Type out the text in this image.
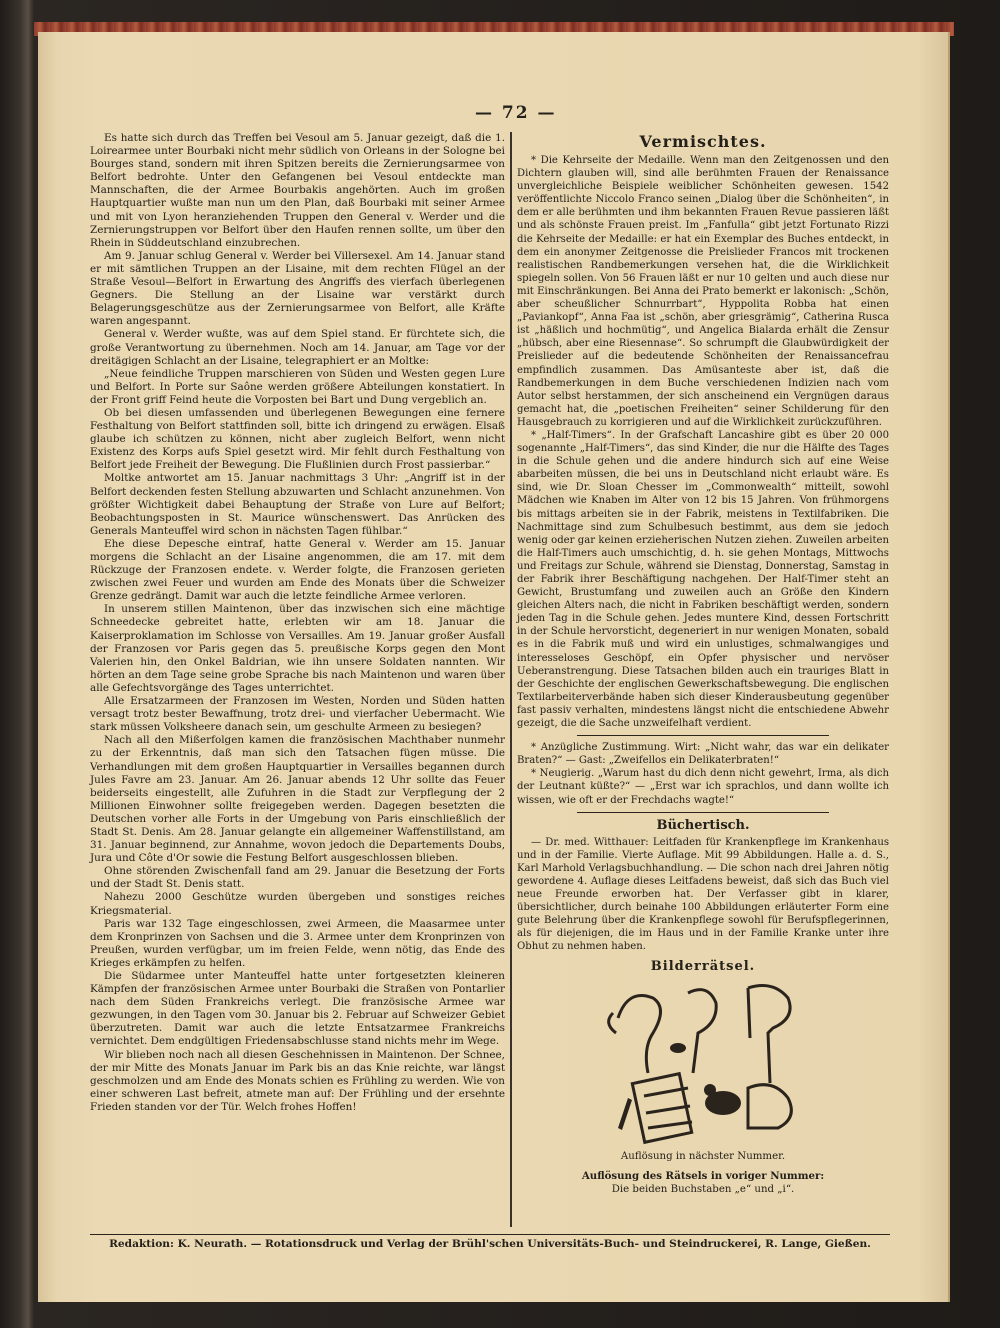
— 72 —

Es hatte sich durch das Treffen bei Vesoul am 5. Januar gezeigt, daß die 1. Loirearmee unter Bourbaki nicht mehr südlich von Orleans in der Sologne bei Bourges stand, sondern mit ihren Spitzen bereits die Zernierungsarmee von Belfort bedrohte. Unter den Gefangenen bei Vesoul entdeckte man Mannschaften, die der Armee Bourbakis angehörten. Auch im großen Hauptquartier wußte man nun um den Plan, daß Bourbaki mit seiner Armee und mit von Lyon heranziehenden Truppen den General v. Werder und die Zernierungstruppen vor Belfort über den Haufen rennen sollte, um über den Rhein in Süddeutschland einzubrechen.

Am 9. Januar schlug General v. Werder bei Villersexel. Am 14. Januar stand er mit sämtlichen Truppen an der Lisaine, mit dem rechten Flügel an der Straße Vesoul—Belfort in Erwartung des Angriffs des vierfach überlegenen Gegners. Die Stellung an der Lisaine war verstärkt durch Belagerungsgeschütze aus der Zernierungsarmee von Belfort, alle Kräfte waren angespannt.

General v. Werder wußte, was auf dem Spiel stand. Er fürchtete sich, die große Verantwortung zu übernehmen. Noch am 14. Januar, am Tage vor der dreitägigen Schlacht an der Lisaine, telegraphiert er an Moltke:

„Neue feindliche Truppen marschieren von Süden und Westen gegen Lure und Belfort. In Porte sur Saône werden größere Abteilungen konstatiert. In der Front griff Feind heute die Vorposten bei Bart und Dung vergeblich an.

Ob bei diesen umfassenden und überlegenen Bewegungen eine fernere Festhaltung von Belfort stattfinden soll, bitte ich dringend zu erwägen. Elsaß glaube ich schützen zu können, nicht aber zugleich Belfort, wenn nicht Existenz des Korps aufs Spiel gesetzt wird. Mir fehlt durch Festhaltung von Belfort jede Freiheit der Bewegung. Die Flußlinien durch Frost passierbar.“

Moltke antwortet am 15. Januar nachmittags 3 Uhr: „Angriff ist in der Belfort deckenden festen Stellung abzuwarten und Schlacht anzunehmen. Von größter Wichtigkeit dabei Behauptung der Straße von Lure auf Belfort; Beobachtungsposten in St. Maurice wünschenswert. Das Anrücken des Generals Manteuffel wird schon in nächsten Tagen fühlbar.“

Ehe diese Depesche eintraf, hatte General v. Werder am 15. Januar morgens die Schlacht an der Lisaine angenommen, die am 17. mit dem Rückzuge der Franzosen endete. v. Werder folgte, die Franzosen gerieten zwischen zwei Feuer und wurden am Ende des Monats über die Schweizer Grenze gedrängt. Damit war auch die letzte feindliche Armee verloren.

In unserem stillen Maintenon, über das inzwischen sich eine mächtige Schneedecke gebreitet hatte, erlebten wir am 18. Januar die Kaiserproklamation im Schlosse von Versailles. Am 19. Januar großer Ausfall der Franzosen vor Paris gegen das 5. preußische Korps gegen den Mont Valerien hin, den Onkel Baldrian, wie ihn unsere Soldaten nannten. Wir hörten an dem Tage seine grobe Sprache bis nach Maintenon und waren über alle Gefechtsvorgänge des Tages unterrichtet.

Alle Ersatzarmeen der Franzosen im Westen, Norden und Süden hatten versagt trotz bester Bewaffnung, trotz drei- und vierfacher Uebermacht. Wie stark müssen Volksheere danach sein, um geschulte Armeen zu besiegen?

Nach all den Mißerfolgen kamen die französischen Machthaber nunmehr zu der Erkenntnis, daß man sich den Tatsachen fügen müsse. Die Verhandlungen mit dem großen Hauptquartier in Versailles begannen durch Jules Favre am 23. Januar. Am 26. Januar abends 12 Uhr sollte das Feuer beiderseits eingestellt, alle Zufuhren in die Stadt zur Verpflegung der 2 Millionen Einwohner sollte freigegeben werden. Dagegen besetzten die Deutschen vorher alle Forts in der Umgebung von Paris einschließlich der Stadt St. Denis. Am 28. Januar gelangte ein allgemeiner Waffenstillstand, am 31. Januar beginnend, zur Annahme, wovon jedoch die Departements Doubs, Jura und Côte d'Or sowie die Festung Belfort ausgeschlossen blieben.

Ohne störenden Zwischenfall fand am 29. Januar die Besetzung der Forts und der Stadt St. Denis statt.

Nahezu 2000 Geschütze wurden übergeben und sonstiges reiches Kriegsmaterial.

Paris war 132 Tage eingeschlossen, zwei Armeen, die Maasarmee unter dem Kronprinzen von Sachsen und die 3. Armee unter dem Kronprinzen von Preußen, wurden verfügbar, um im freien Felde, wenn nötig, das Ende des Krieges erkämpfen zu helfen.

Die Südarmee unter Manteuffel hatte unter fortgesetzten kleineren Kämpfen der französischen Armee unter Bourbaki die Straßen von Pontarlier nach dem Süden Frankreichs verlegt. Die französische Armee war gezwungen, in den Tagen vom 30. Januar bis 2. Februar auf Schweizer Gebiet überzutreten. Damit war auch die letzte Entsatzarmee Frankreichs vernichtet. Dem endgültigen Friedensabschlusse stand nichts mehr im Wege.

Wir blieben noch nach all diesen Geschehnissen in Maintenon. Der Schnee, der mir Mitte des Monats Januar im Park bis an das Knie reichte, war längst geschmolzen und am Ende des Monats schien es Frühling zu werden. Wie von einer schweren Last befreit, atmete man auf: Der Frühling und der ersehnte Frieden standen vor der Tür. Welch frohes Hoffen!

Vermischtes.

* Die Kehrseite der Medaille. Wenn man den Zeitgenossen und den Dichtern glauben will, sind alle berühmten Frauen der Renaissance unvergleichliche Beispiele weiblicher Schönheiten gewesen. 1542 veröffentlichte Niccolo Franco seinen „Dialog über die Schönheiten“, in dem er alle berühmten und ihm bekannten Frauen Revue passieren läßt und als schönste Frauen preist. Im „Fanfulla“ gibt jetzt Fortunato Rizzi die Kehrseite der Medaille: er hat ein Exemplar des Buches entdeckt, in dem ein anonymer Zeitgenosse die Preislieder Francos mit trockenen realistischen Randbemerkungen versehen hat, die die Wirklichkeit spiegeln sollen. Von 56 Frauen läßt er nur 10 gelten und auch diese nur mit Einschränkungen. Bei Anna dei Prato bemerkt er lakonisch: „Schön, aber scheußlicher Schnurrbart“, Hyppolita Robba hat einen „Paviankopf“, Anna Faa ist „schön, aber griesgrämig“, Catherina Rusca ist „häßlich und hochmütig“, und Angelica Bialarda erhält die Zensur „hübsch, aber eine Riesennase“. So schrumpft die Glaubwürdigkeit der Preislieder auf die bedeutende Schönheiten der Renaissancefrau empfindlich zusammen. Das Amüsanteste aber ist, daß die Randbemerkungen in dem Buche verschiedenen Indizien nach vom Autor selbst herstammen, der sich anscheinend ein Vergnügen daraus gemacht hat, die „poetischen Freiheiten“ seiner Schilderung für den Hausgebrauch zu korrigieren und auf die Wirklichkeit zurückzuführen.

* „Half-Timers“. In der Grafschaft Lancashire gibt es über 20 000 sogenannte „Half-Timers“, das sind Kinder, die nur die Hälfte des Tages in die Schule gehen und die andere hindurch sich auf eine Weise abarbeiten müssen, die bei uns in Deutschland nicht erlaubt wäre. Es sind, wie Dr. Sloan Chesser im „Commonwealth“ mitteilt, sowohl Mädchen wie Knaben im Alter von 12 bis 15 Jahren. Von frühmorgens bis mittags arbeiten sie in der Fabrik, meistens in Textilfabriken. Die Nachmittage sind zum Schulbesuch bestimmt, aus dem sie jedoch wenig oder gar keinen erzieherischen Nutzen ziehen. Zuweilen arbeiten die Half-Timers auch umschichtig, d. h. sie gehen Montags, Mittwochs und Freitags zur Schule, während sie Dienstag, Donnerstag, Samstag in der Fabrik ihrer Beschäftigung nachgehen. Der Half-Timer steht an Gewicht, Brustumfang und zuweilen auch an Größe den Kindern gleichen Alters nach, die nicht in Fabriken beschäftigt werden, sondern jeden Tag in die Schule gehen. Jedes muntere Kind, dessen Fortschritt in der Schule hervorsticht, degeneriert in nur wenigen Monaten, sobald es in die Fabrik muß und wird ein unlustiges, schmalwangiges und interesseloses Geschöpf, ein Opfer physischer und nervöser Ueberanstrengung. Diese Tatsachen bilden auch ein trauriges Blatt in der Geschichte der englischen Gewerkschaftsbewegung. Die englischen Textilarbeiterverbände haben sich dieser Kinderausbeutung gegenüber fast passiv verhalten, mindestens längst nicht die entschiedene Abwehr gezeigt, die die Sache unzweifelhaft verdient.

* Anzügliche Zustimmung. Wirt: „Nicht wahr, das war ein delikater Braten?“ — Gast: „Zweifellos ein Delikaterbraten!“

* Neugierig. „Warum hast du dich denn nicht gewehrt, Irma, als dich der Leutnant küßte?“ — „Erst war ich sprachlos, und dann wollte ich wissen, wie oft er der Frechdachs wagte!“

Büchertisch.

— Dr. med. Witthauer: Leitfaden für Krankenpflege im Krankenhaus und in der Familie. Vierte Auflage. Mit 99 Abbildungen. Halle a. d. S., Karl Marhold Verlagsbuchhandlung. — Die schon nach drei Jahren nötig gewordene 4. Auflage dieses Leitfadens beweist, daß sich das Buch viel neue Freunde erworben hat. Der Verfasser gibt in klarer, übersichtlicher, durch beinahe 100 Abbildungen erläuterter Form eine gute Belehrung über die Krankenpflege sowohl für Berufspflegerinnen, als für diejenigen, die im Haus und in der Familie Kranke unter ihre Obhut zu nehmen haben.

Bilderrätsel.

Auflösung in nächster Nummer.

Auflösung des Rätsels in voriger Nummer:

Die beiden Buchstaben „e“ und „i“.

Redaktion: K. Neurath. — Rotationsdruck und Verlag der Brühl'schen Universitäts-Buch- und Steindruckerei, R. Lange, Gießen.
